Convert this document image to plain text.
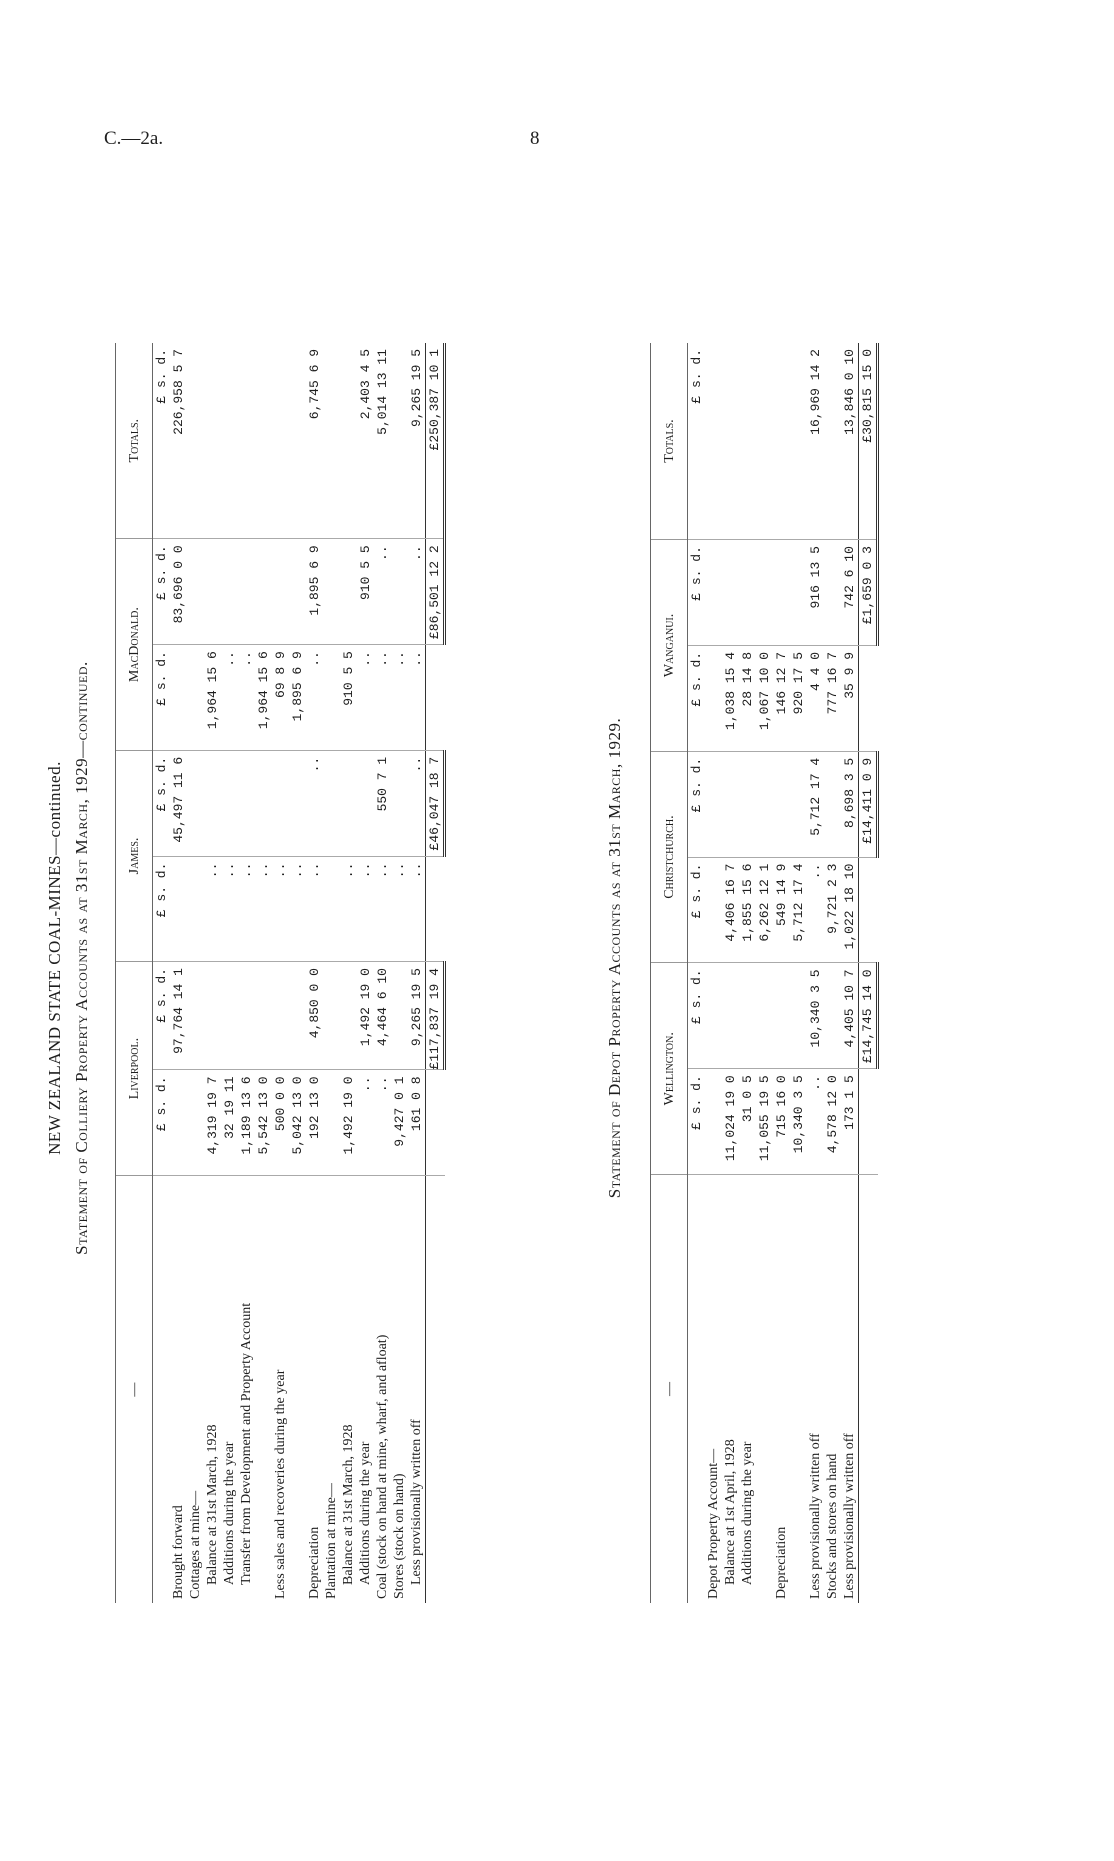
C.—2a.	8
NEW ZEALAND STATE COAL-MINES—continued. Statement of Colliery Property Accounts as at 31st March, 1929—continued.
—	Liverpool.		James.		MacDonald.		Totals.
	£ s. d.	£ s. d.	£ s. d.	£ s. d.	£ s. d.	£ s. d.	£ s. d.
Brought forward		97,764 14 1		45,497 11 6		83,696 0 0	226,958 5 7
Cottages at mine—							
Balance at 31st March, 1928	4,319 19 7		..		1,964 15 6		
Additions during the year	32 19 11		..		..		
Transfer from Development and Property Account	1,189 13 6		..		..		
	5,542 13 0		..		1,964 15 6		
Less sales and recoveries during the year	500 0 0		..		69 8 9		
	5,042 13 0		..		1,895 6 9		
Depreciation	192 13 0	4,850 0 0	..	..	..	1,895 6 9	6,745 6 9
Plantation at mine—							
Balance at 31st March, 1928	1,492 19 0		..		910 5 5		
Additions during the year	..	1,492 19 0	..		..	910 5 5	2,403 4 5
Coal (stock on hand at mine, wharf, and afloat)	..	4,464 6 10	..	550 7 1	..	..	5,014 13 11
Stores (stock on hand)	9,427 0 1		..		..		
Less provisionally written off	161 0 8	9,265 19 5	..	..	..	..	9,265 19 5
		£117,837 19 4		£46,047 18 7		£86,501 12 2	£250,387 10 1
Statement of Depot Property Accounts as at 31st March, 1929.
—	Wellington.		Christchurch.		Wanganui.		Totals.
	£ s. d.	£ s. d.	£ s. d.	£ s. d.	£ s. d.	£ s. d.	£ s. d.
Depot Property Account—							
Balance at 1st April, 1928	11,024 19 0		4,406 16 7		1,038 15 4		
Additions during the year	31 0 5		1,855 15 6		28 14 8		
	11,055 19 5		6,262 12 1		1,067 10 0		
Depreciation	715 16 0		549 14 9		146 12 7		
	10,340 3 5		5,712 17 4		920 17 5		
Less provisionally written off	..	10,340 3 5	..	5,712 17 4	4 4 0	916 13 5	16,969 14 2
Stocks and stores on hand	4,578 12 0		9,721 2 3		777 16 7		
Less provisionally written off	173 1 5	4,405 10 7	1,022 18 10	8,698 3 5	35 9 9	742 6 10	13,846 0 10
		£14,745 14 0		£14,411 0 9		£1,659 0 3	£30,815 15 0
